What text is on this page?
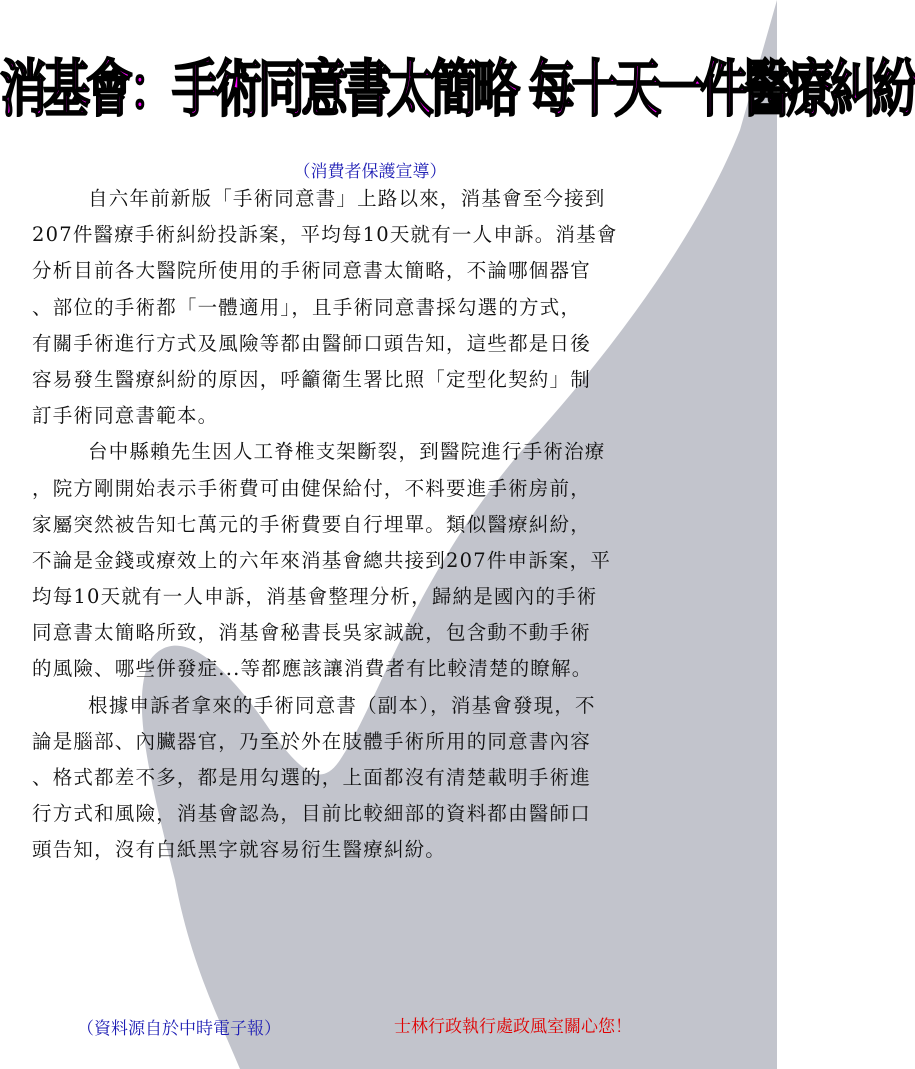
消基會：手術同意書太簡略 每十天一件醫療糾紛
（消費者保護宣導）
自六年前新版「手術同意書」上路以來，消基會至今接到
207件醫療手術糾紛投訴案，平均每10天就有一人申訴。消基會
分析目前各大醫院所使用的手術同意書太簡略，不論哪個器官
、部位的手術都「一體適用」，且手術同意書採勾選的方式，
有關手術進行方式及風險等都由醫師口頭告知，這些都是日後
容易發生醫療糾紛的原因，呼籲衛生署比照「定型化契約」制
訂手術同意書範本。
台中縣賴先生因人工脊椎支架斷裂，到醫院進行手術治療
，院方剛開始表示手術費可由健保給付，不料要進手術房前，
家屬突然被告知七萬元的手術費要自行埋單。類似醫療糾紛，
不論是金錢或療效上的六年來消基會總共接到207件申訴案，平
均每10天就有一人申訴，消基會整理分析，歸納是國內的手術
同意書太簡略所致，消基會秘書長吳家誠說，包含動不動手術
的風險、哪些併發症...等都應該讓消費者有比較清楚的瞭解。
根據申訴者拿來的手術同意書（副本），消基會發現，不
論是腦部、內臟器官，乃至於外在肢體手術所用的同意書內容
、格式都差不多，都是用勾選的，上面都沒有清楚載明手術進
行方式和風險，消基會認為，目前比較細部的資料都由醫師口
頭告知，沒有白紙黑字就容易衍生醫療糾紛。
（資料源自於中時電子報）	士林行政執行處政風室關心您！
